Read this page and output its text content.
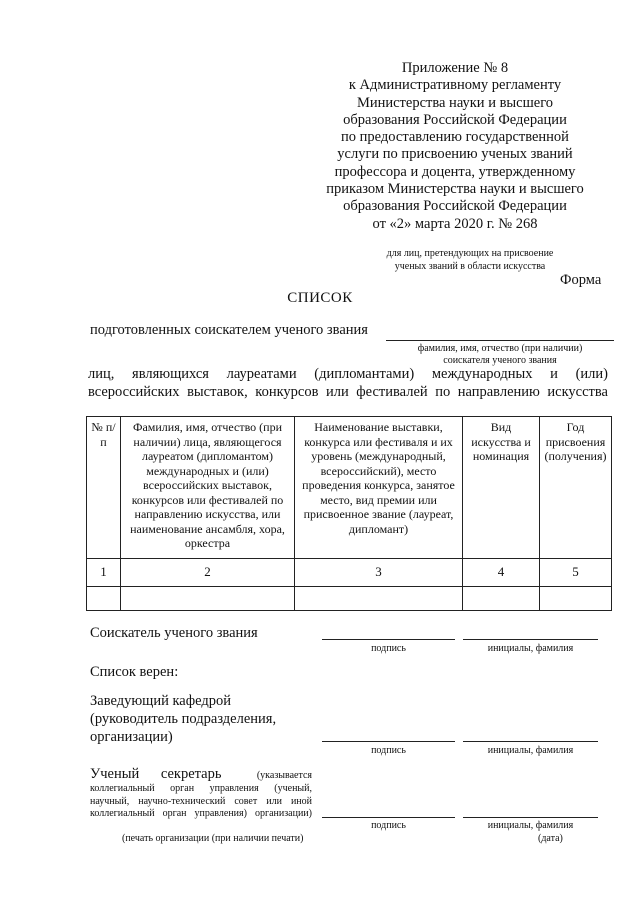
Приложение № 8
к Административному регламенту
Министерства науки и высшего
образования Российской Федерации
по предоставлению государственной
услуги по присвоению ученых званий
профессора и доцента, утвержденному
приказом Министерства науки и высшего
образования Российской Федерации
от «2» марта 2020 г. № 268
для лиц, претендующих на присвоение
ученых званий в области искусства
Форма
СПИСОК
подготовленных соискателем ученого звания
фамилия, имя, отчество (при наличии)
соискателя ученого звания
лиц, являющихся лауреатами (дипломантами) международных и (или)
всероссийских выставок, конкурсов или фестивалей по направлению искусства
№ п/п	Фамилия, имя, отчество (при наличии) лица, являющегося лауреатом (дипломантом) международных и (или) всероссийских выставок, конкурсов или фестивалей по направлению искусства, или наименование ансамбля, хора, оркестра	Наименование выставки, конкурса или фестиваля и их уровень (международный, всероссийский), место проведения конкурса, занятое место, вид премии или присвоенное звание (лауреат, дипломант)	Вид искусства и номинация	Год присвоения (получения)
1	2	3	4	5

Соискатель ученого звания
подпись	инициалы, фамилия
Список верен:
Заведующий кафедрой
(руководитель подразделения,
организации)
подпись	инициалы, фамилия
Ученый секретарь	(указывается
коллегиальный орган управления (ученый,
научный, научно-технический совет или иной
коллегиальный орган управления) организации)
подпись	инициалы, фамилия
(печать организации (при наличии печати)	(дата)
